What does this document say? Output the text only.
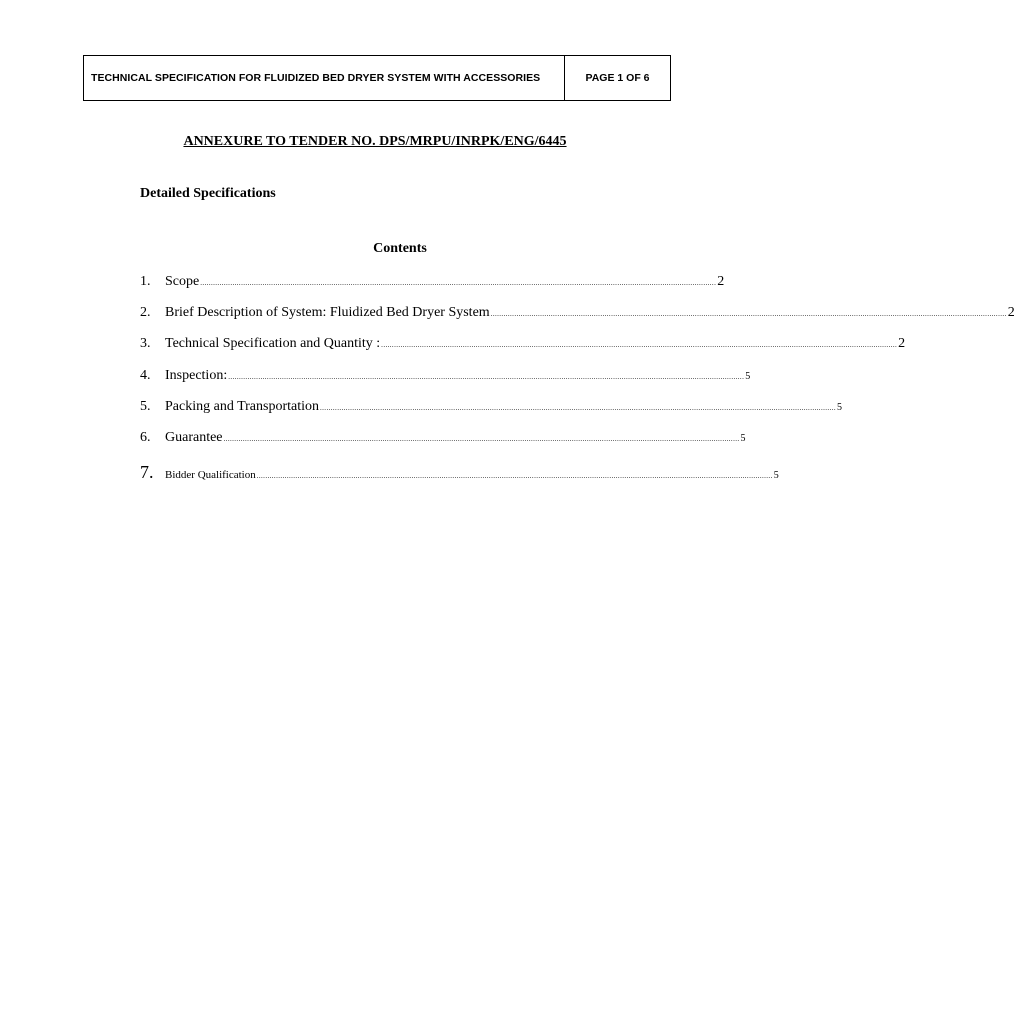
TECHNICAL SPECIFICATION FOR FLUIDIZED BED DRYER SYSTEM WITH ACCESSORIES	PAGE 1 OF 6
ANNEXURE TO TENDER NO. DPS/MRPU/INRPK/ENG/6445
Detailed Specifications
Contents
1.	Scope ................................................................................................................................................................................................................................................ 2
2.	Brief Description of System: Fluidized Bed Dryer System ................................................................................................................................................................................................................................................ 2
3.	Technical Specification and Quantity : ................................................................................................................................................................................................................................................ 2
4.	Inspection: ................................................................................................................................................................................................................................................ 5
5.	Packing and Transportation ................................................................................................................................................................................................................................................ 5
6.	Guarantee ................................................................................................................................................................................................................................................ 5
7.	Bidder Qualification ................................................................................................................................................................................................................................................ 5
